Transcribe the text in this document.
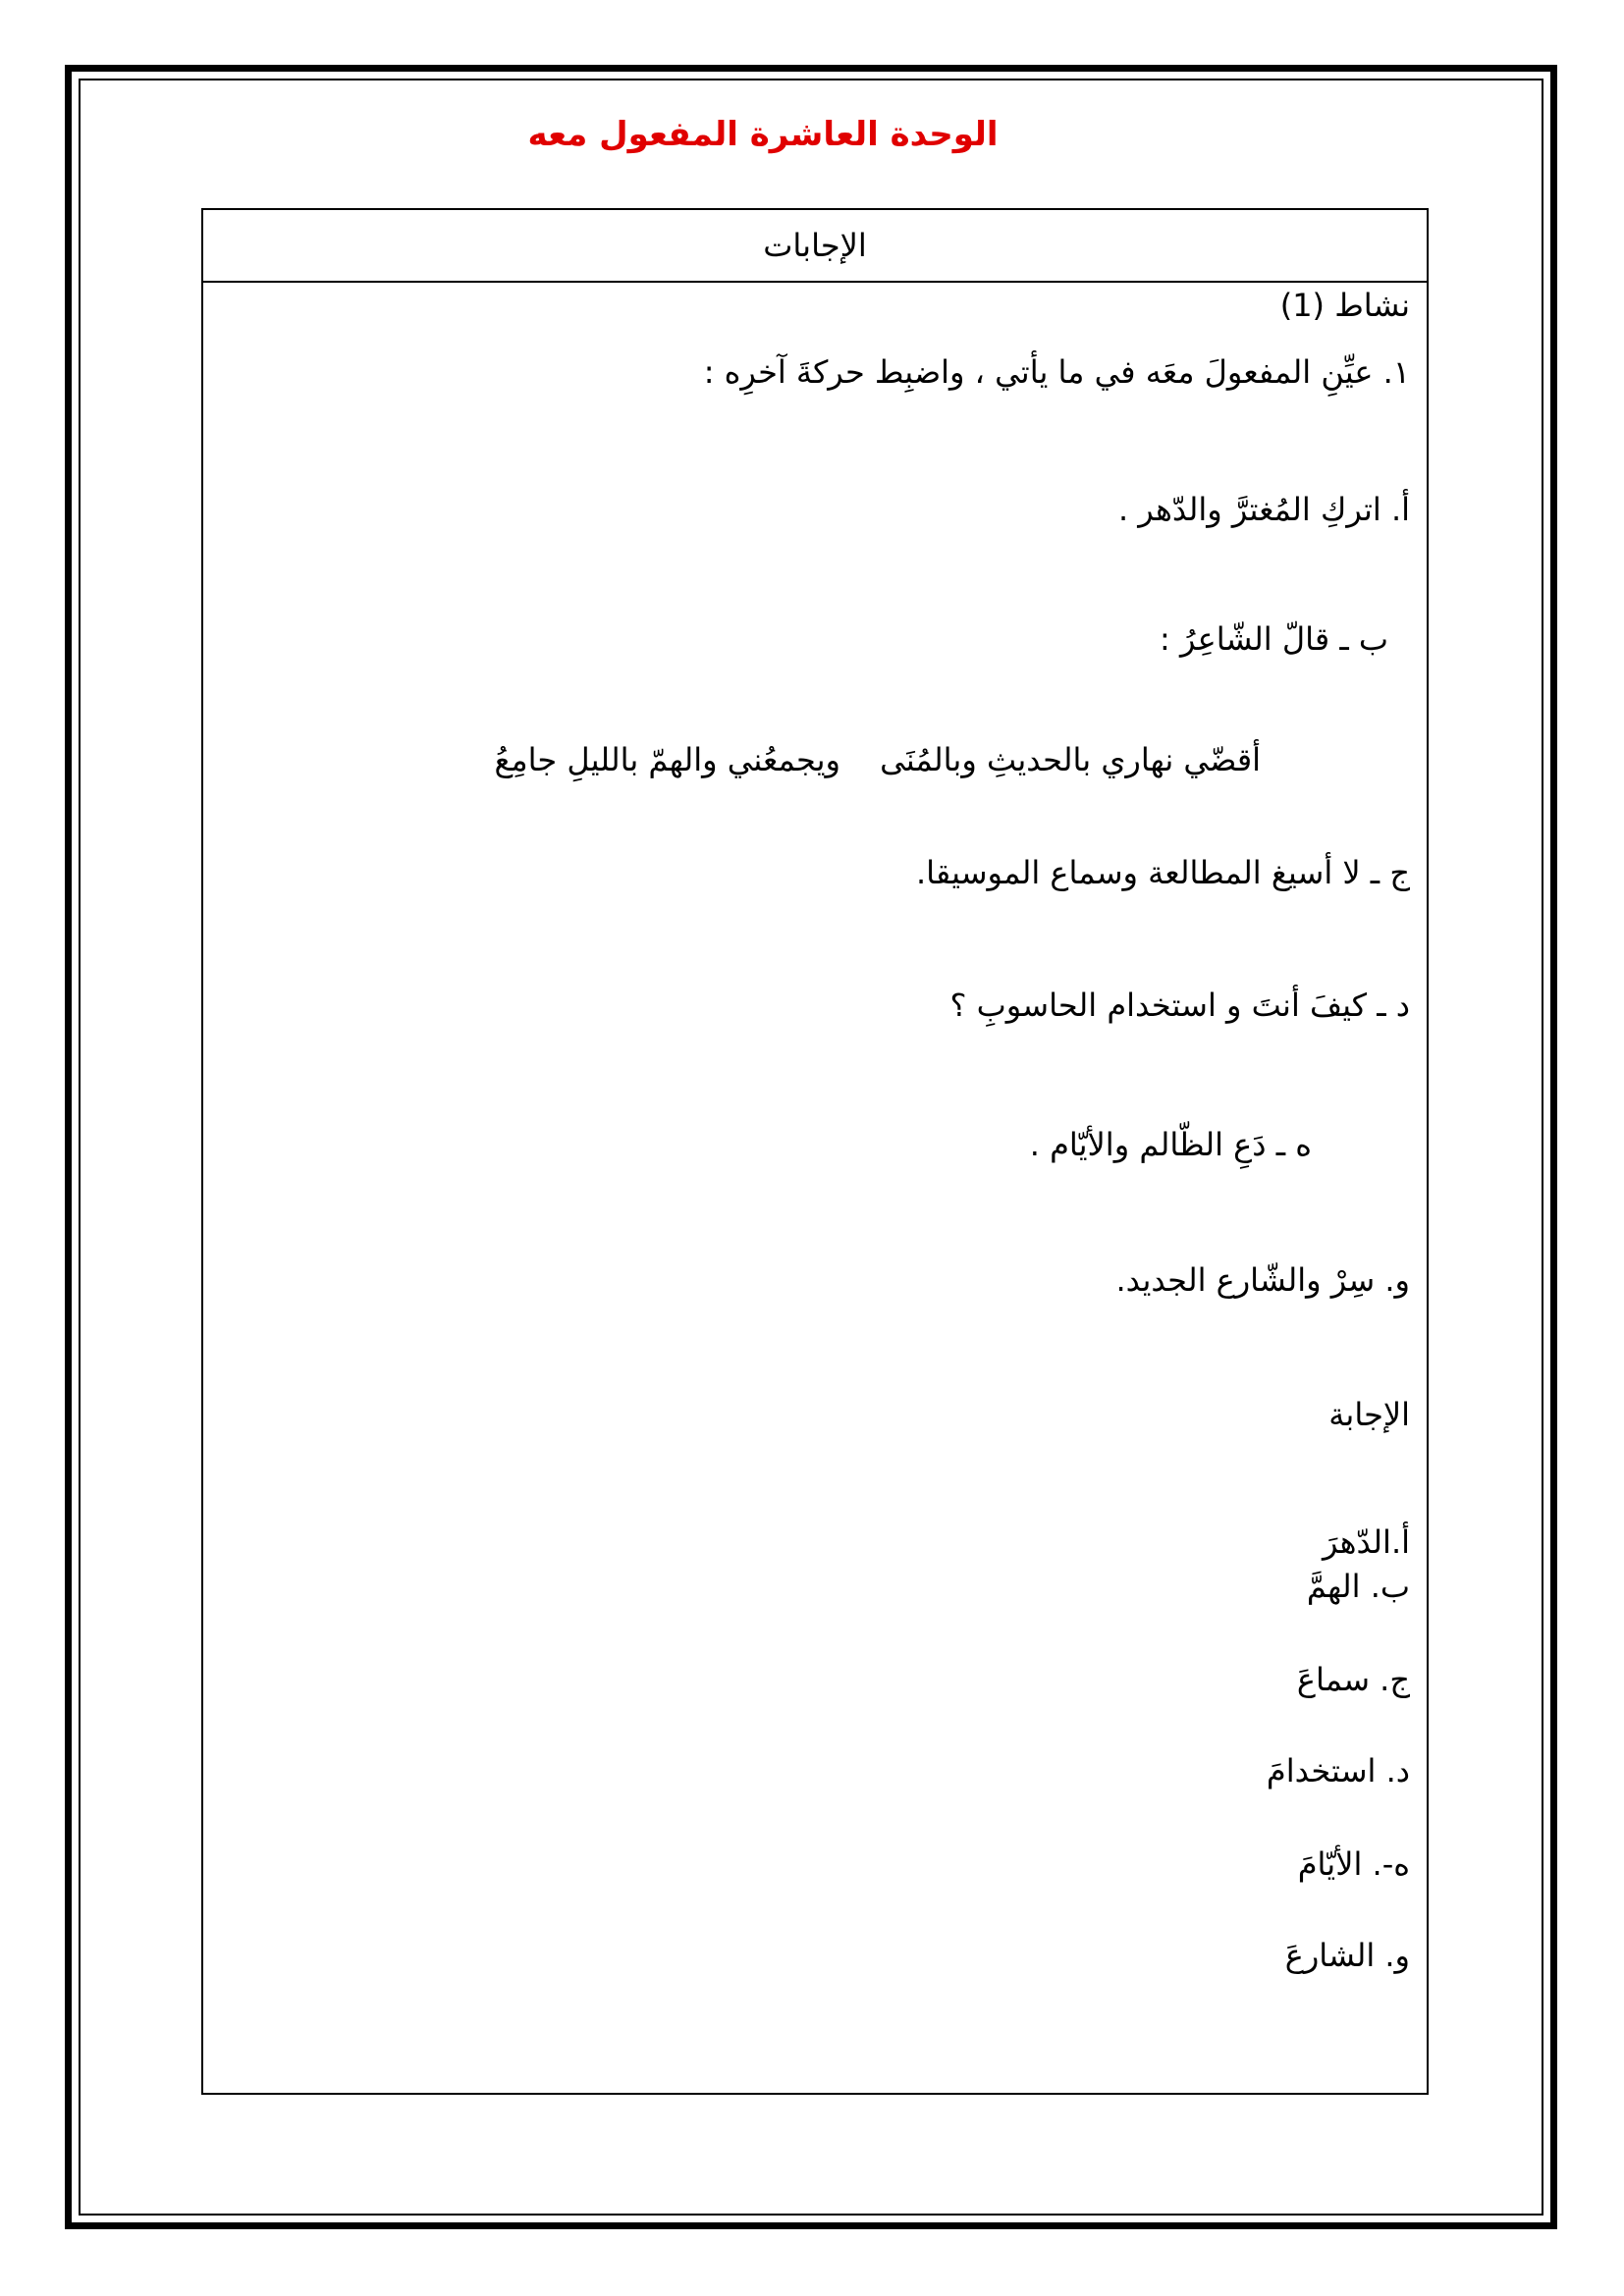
الوحدة العاشرة المفعول معه
الإجابات
نشاط (1)
١. عيِّنِ المفعولَ معَه في ما يأتي ، واضبِط حركةَ آخرِه :
أ. اتركِ المُغترَّ والدّهر .
ب ـ قالّ الشّاعِرُ :
أقضّي نهاري بالحديثِ وبالمُنَى
ويجمعُني والهمّ بالليلِ جامِعُ
ج ـ لا أسيغ المطالعة وسماع الموسيقا.
د ـ كيفَ أنتَ و استخدام الحاسوبِ ؟
ه ـ دَعِ الظّالم والأيّام .
و. سِرْ والشّارع الجديد.
الإجابة
أ.الدّهرَ
ب. الهمَّ
ج. سماعَ
د. استخدامَ
ه-. الأيّامَ
و. الشارعَ
